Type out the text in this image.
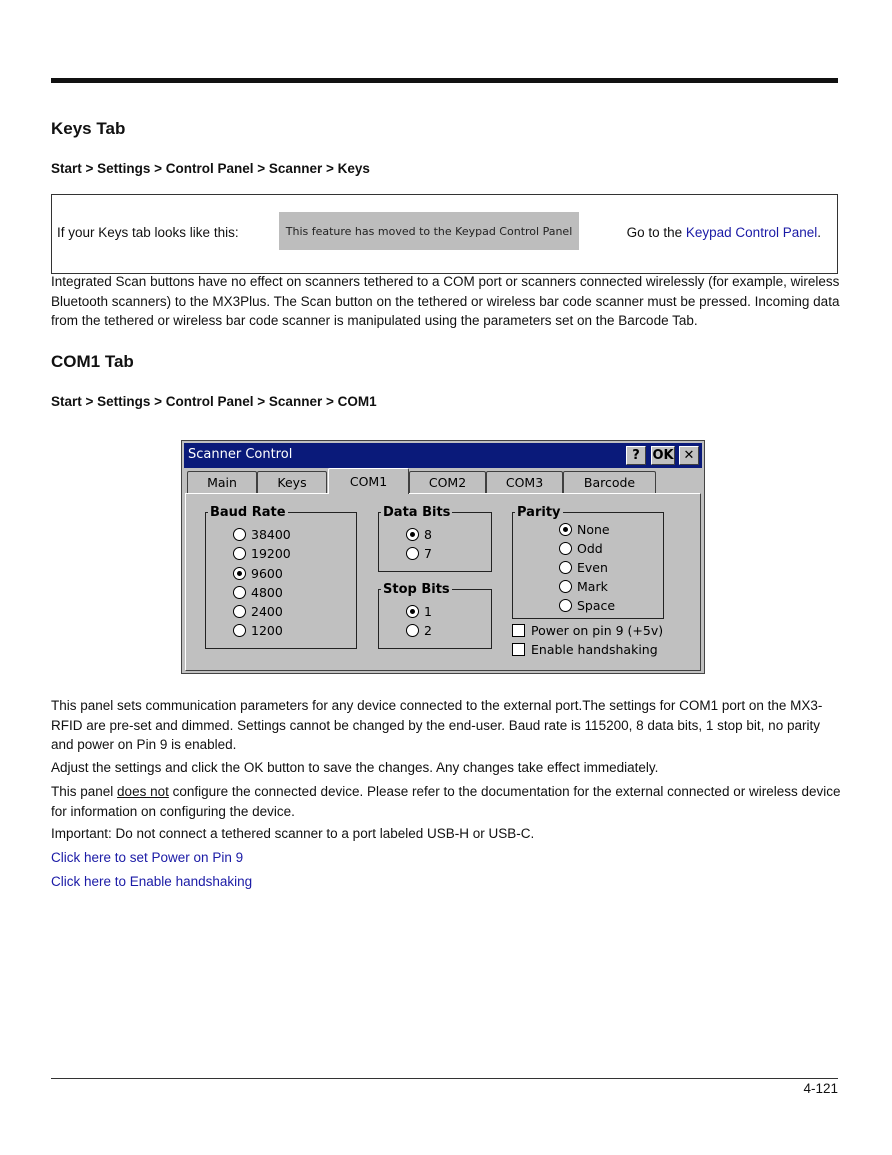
Keys Tab
Start > Settings > Control Panel > Scanner > Keys
If your Keys tab looks like this:	This feature has moved to the Keypad Control Panel	Go to the Keypad Control Panel.
Integrated Scan buttons have no effect on scanners tethered to a COM port or scanners connected wirelessly (for example, wireless Bluetooth scanners) to the MX3Plus. The Scan button on the tethered or wireless bar code scanner must be pressed. Incoming data from the tethered or wireless bar code scanner is manipulated using the parameters set on the Barcode Tab.
COM1 Tab
Start > Settings > Control Panel > Scanner > COM1
Scanner Control	? OK ✕
Main	Keys	COM1	COM2	COM3	Barcode
Baud Rate
38400
19200
9600
4800
2400
1200
Data Bits
8
7
Stop Bits
1
2
Parity
None
Odd
Even
Mark
Space
Power on pin 9 (+5v)
Enable handshaking
This panel sets communication parameters for any device connected to the external port.The settings for COM1 port on the MX3-RFID are pre-set and dimmed. Settings cannot be changed by the end-user. Baud rate is 115200, 8 data bits, 1 stop bit, no parity and power on Pin 9 is enabled.
Adjust the settings and click the OK button to save the changes. Any changes take effect immediately.
This panel does not configure the connected device. Please refer to the documentation for the external connected or wireless device for information on configuring the device.
Important: Do not connect a tethered scanner to a port labeled USB-H or USB-C.
Click here to set Power on Pin 9
Click here to Enable handshaking
4-121
